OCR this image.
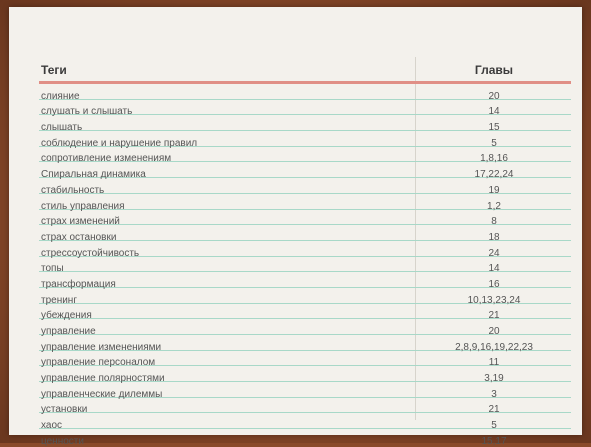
Теги	Главы
слияние	20
слушать и слышать	14
слышать	15
соблюдение и нарушение правил	5
сопротивление изменениям	1,8,16
Спиральная динамика	17,22,24
стабильность	19
стиль управления	1,2
страх изменений	8
страх остановки	18
стрессоустойчивость	24
топы	14
трансформация	16
тренинг	10,13,23,24
убеждения	21
управление	20
управление изменениями	2,8,9,16,19,22,23
управление персоналом	11
управление полярностями	3,19
управленческие дилеммы	3
установки	21
хаос	5
ценности	15,17
